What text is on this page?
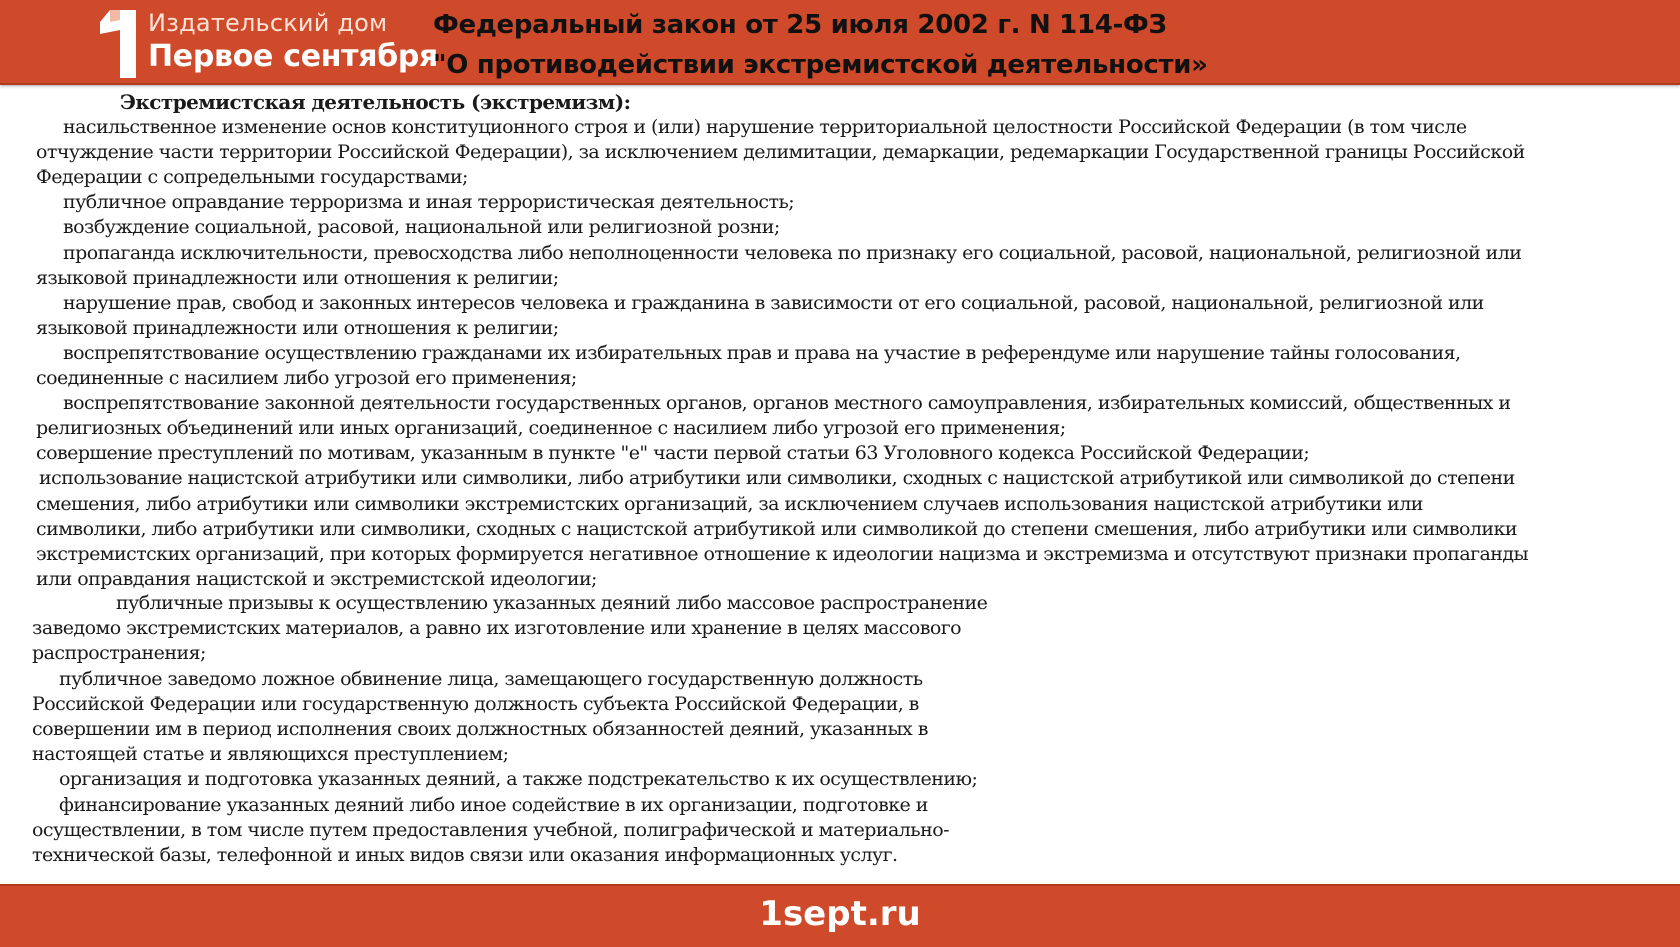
Издательский дом
Первое сентября
Федеральный закон от 25 июля 2002 г. N 114-ФЗ
"О противодействии экстремистской деятельности»

Экстремистская деятельность (экстремизм):

насильственное изменение основ конституционного строя и (или) нарушение территориальной целостности Российской Федерации (в том числе отчуждение части территории Российской Федерации), за исключением делимитации, демаркации, редемаркации Государственной границы Российской Федерации с сопредельными государствами;

публичное оправдание терроризма и иная террористическая деятельность;

возбуждение социальной, расовой, национальной или религиозной розни;

пропаганда исключительности, превосходства либо неполноценности человека по признаку его социальной, расовой, национальной, религиозной или языковой принадлежности или отношения к религии;

нарушение прав, свобод и законных интересов человека и гражданина в зависимости от его социальной, расовой, национальной, религиозной или языковой принадлежности или отношения к религии;

воспрепятствование осуществлению гражданами их избирательных прав и права на участие в референдуме или нарушение тайны голосования, соединенные с насилием либо угрозой его применения;

воспрепятствование законной деятельности государственных органов, органов местного самоуправления, избирательных комиссий, общественных и религиозных объединений или иных организаций, соединенное с насилием либо угрозой его применения;

совершение преступлений по мотивам, указанным в пункте "е" части первой статьи 63 Уголовного кодекса Российской Федерации;

использование нацистской атрибутики или символики, либо атрибутики или символики, сходных с нацистской атрибутикой или символикой до степени смешения, либо атрибутики или символики экстремистских организаций, за исключением случаев использования нацистской атрибутики или символики, либо атрибутики или символики, сходных с нацистской атрибутикой или символикой до степени смешения, либо атрибутики или символики экстремистских организаций, при которых формируется негативное отношение к идеологии нацизма и экстремизма и отсутствуют признаки пропаганды или оправдания нацистской и экстремистской идеологии;

публичные призывы к осуществлению указанных деяний либо массовое распространение заведомо экстремистских материалов, а равно их изготовление или хранение в целях массового распространения;

публичное заведомо ложное обвинение лица, замещающего государственную должность Российской Федерации или государственную должность субъекта Российской Федерации, в совершении им в период исполнения своих должностных обязанностей деяний, указанных в настоящей статье и являющихся преступлением;

организация и подготовка указанных деяний, а также подстрекательство к их осуществлению;

финансирование указанных деяний либо иное содействие в их организации, подготовке и осуществлении, в том числе путем предоставления учебной, полиграфической и материально-технической базы, телефонной и иных видов связи или оказания информационных услуг.

1sept.ru
